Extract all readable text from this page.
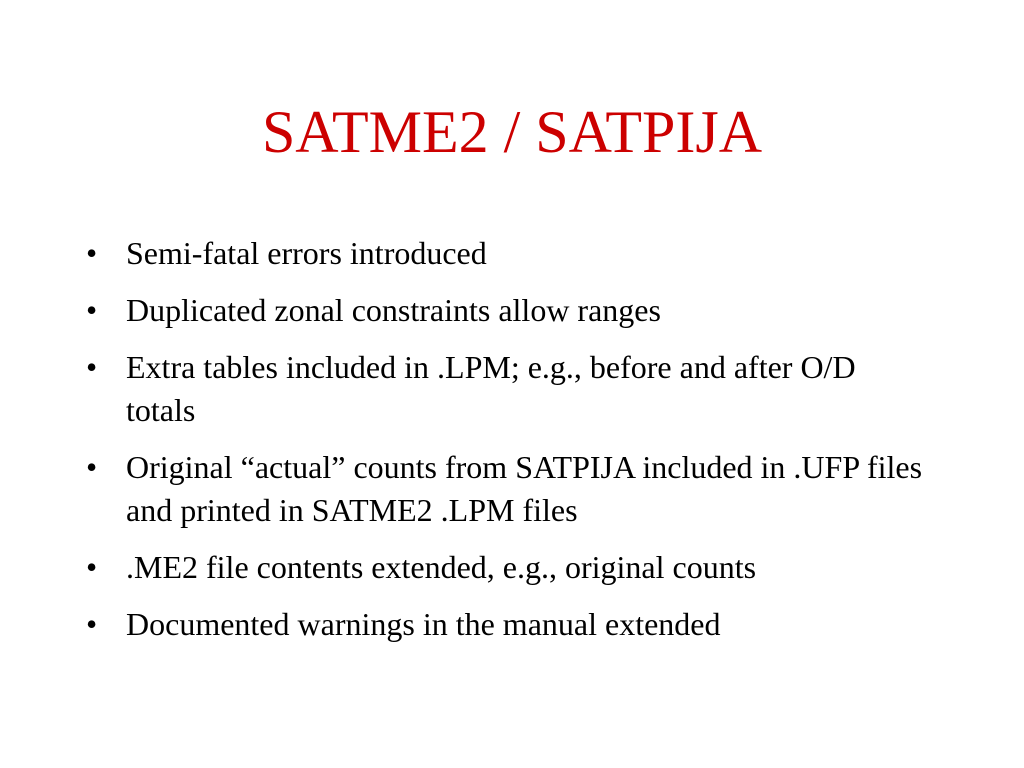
SATME2 / SATPIJA
• Semi-fatal errors introduced
• Duplicated zonal constraints allow ranges
• Extra tables included in .LPM; e.g., before and after O/D totals
• Original “actual” counts from SATPIJA included in .UFP files and printed in SATME2 .LPM files
• .ME2 file contents extended, e.g., original counts
• Documented warnings in the manual extended
